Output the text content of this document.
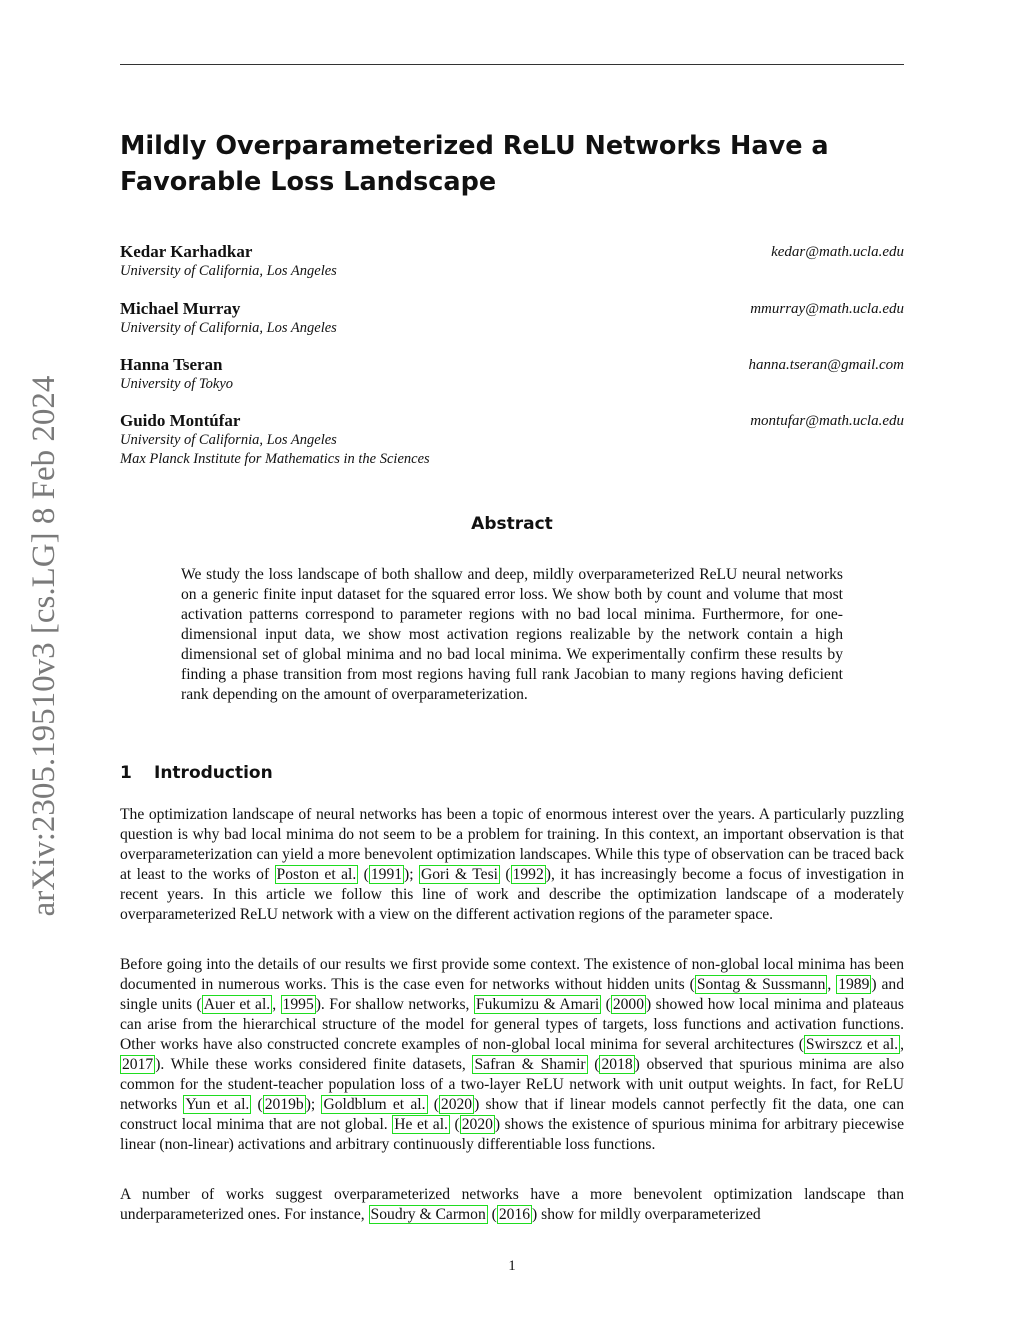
arXiv:2305.19510v3 [cs.LG] 8 Feb 2024
Mildly Overparameterized ReLU Networks Have a Favorable Loss Landscape
Kedar Karhadkar	kedar@math.ucla.edu
University of California, Los Angeles
Michael Murray	mmurray@math.ucla.edu
University of California, Los Angeles
Hanna Tseran	hanna.tseran@gmail.com
University of Tokyo
Guido Montúfar	montufar@math.ucla.edu
University of California, Los Angeles
Max Planck Institute for Mathematics in the Sciences
Abstract

We study the loss landscape of both shallow and deep, mildly overparameterized ReLU neural networks on a generic finite input dataset for the squared error loss. We show both by count and volume that most activation patterns correspond to parameter regions with no bad local minima. Furthermore, for one-dimensional input data, we show most activation regions realizable by the network contain a high dimensional set of global minima and no bad local minima. We experimentally confirm these results by finding a phase transition from most regions having full rank Jacobian to many regions having deficient rank depending on the amount of overparameterization.

1 Introduction

The optimization landscape of neural networks has been a topic of enormous interest over the years. A particularly puzzling question is why bad local minima do not seem to be a problem for training. In this context, an important observation is that overparameterization can yield a more benevolent optimization landscapes. While this type of observation can be traced back at least to the works of Poston et al. ( 1991 ); Gori & Tesi ( 1992 ), it has increasingly become a focus of investigation in recent years. In this article we follow this line of work and describe the optimization landscape of a moderately overparameterized ReLU network with a view on the different activation regions of the parameter space.

Before going into the details of our results we first provide some context. The existence of non-global local minima has been documented in numerous works. This is the case even for networks without hidden units ( Sontag & Sussmann , 1989 ) and single units ( Auer et al. , 1995 ). For shallow networks, Fukumizu & Amari ( 2000 ) showed how local minima and plateaus can arise from the hierarchical structure of the model for general types of targets, loss functions and activation functions. Other works have also constructed concrete examples of non-global local minima for several architectures ( Swirszcz et al. , 2017 ). While these works considered finite datasets, Safran & Shamir ( 2018 ) observed that spurious minima are also common for the student-teacher population loss of a two-layer ReLU network with unit output weights. In fact, for ReLU networks Yun et al. ( 2019b ); Goldblum et al. ( 2020 ) show that if linear models cannot perfectly fit the data, one can construct local minima that are not global. He et al. ( 2020 ) shows the existence of spurious minima for arbitrary piecewise linear (non-linear) activations and arbitrary continuously differentiable loss functions.

A number of works suggest overparameterized networks have a more benevolent optimization landscape than underparameterized ones. For instance, Soudry & Carmon ( 2016 ) show for mildly overparameterized

1
